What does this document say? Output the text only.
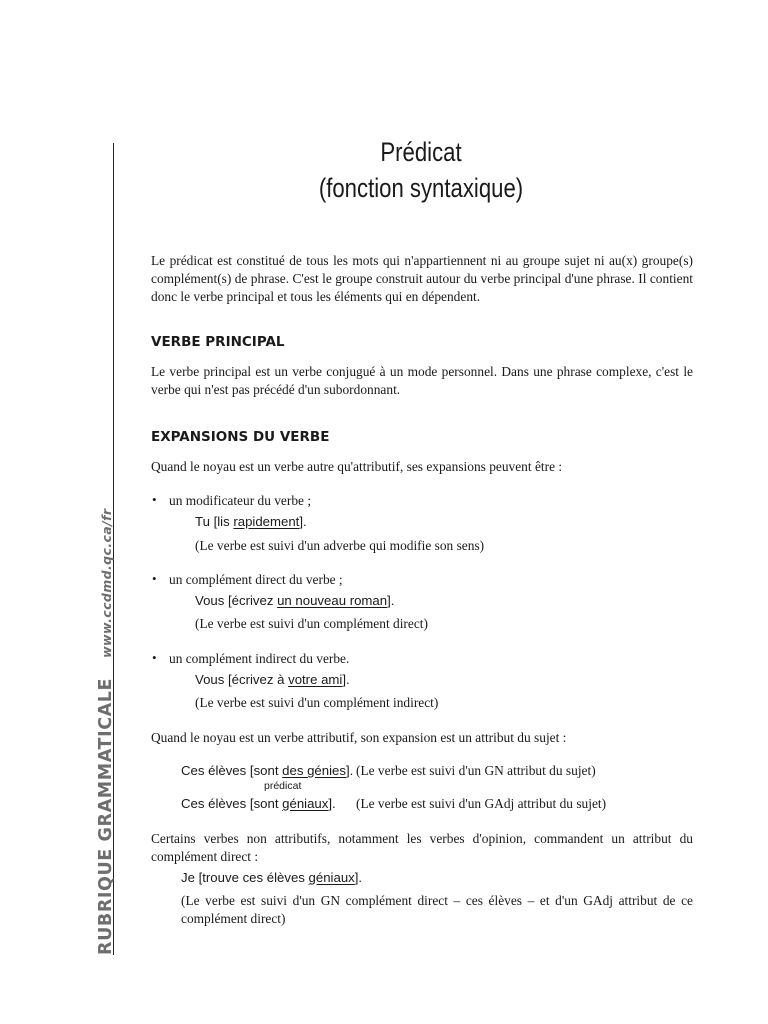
RUBRIQUE GRAMMATICALEwww.ccdmd.qc.ca/fr
Prédicat
(fonction syntaxique)
Le prédicat est constitué de tous les mots qui n'appartiennent ni au groupe sujet ni au(x) groupe(s) complément(s) de phrase. C'est le groupe construit autour du verbe principal d'une phrase. Il contient donc le verbe principal et tous les éléments qui en dépendent.
VERBE PRINCIPAL
Le verbe principal est un verbe conjugué à un mode personnel. Dans une phrase complexe, c'est le verbe qui n'est pas précédé d'un subordonnant.
EXPANSIONS DU VERBE
Quand le noyau est un verbe autre qu'attributif, ses expansions peuvent être :
• un modificateur du verbe ;
Tu [lis rapidement].
(Le verbe est suivi d'un adverbe qui modifie son sens)
• un complément direct du verbe ;
Vous [écrivez un nouveau roman].
(Le verbe est suivi d'un complément direct)
• un complément indirect du verbe.
Vous [écrivez à votre ami].
(Le verbe est suivi d'un complément indirect)
Quand le noyau est un verbe attributif, son expansion est un attribut du sujet :
Ces élèves [sont des génies]. (Le verbe est suivi d'un GN attribut du sujet)
prédicat
Ces élèves [sont géniaux]. (Le verbe est suivi d'un GAdj attribut du sujet)
Certains verbes non attributifs, notamment les verbes d'opinion, commandent un attribut du complément direct :
Je [trouve ces élèves géniaux].
(Le verbe est suivi d'un GN complément direct – ces élèves – et d'un GAdj attribut de ce complément direct)
